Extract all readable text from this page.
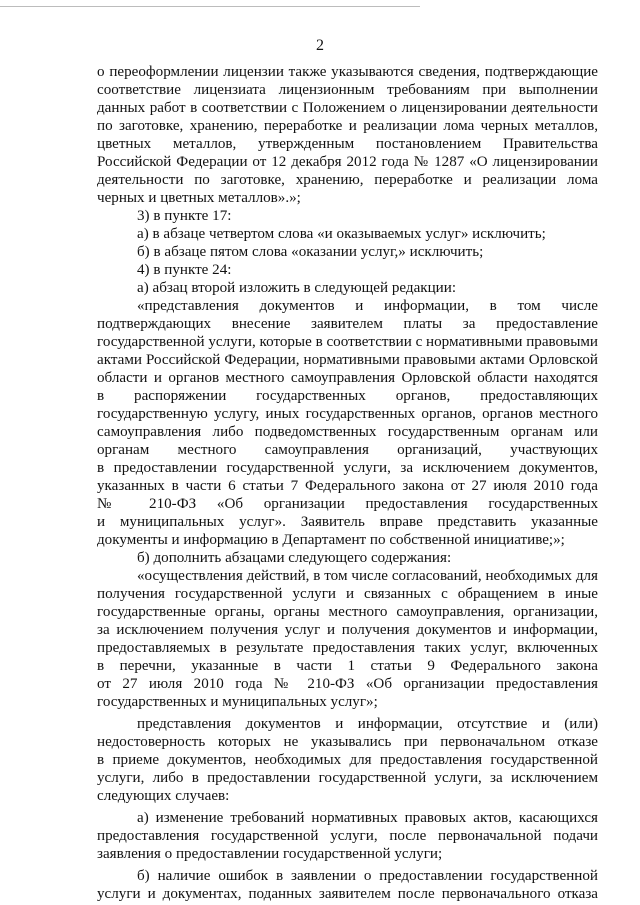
2
о переоформлении лицензии также указываются сведения, подтверждающие
соответствие лицензиата лицензионным требованиям при выполнении
данных работ в соответствии с Положением о лицензировании деятельности
по заготовке, хранению, переработке и реализации лома черных металлов,
цветных металлов, утвержденным постановлением Правительства
Российской Федерации от 12 декабря 2012 года № 1287 «О лицензировании
деятельности по заготовке, хранению, переработке и реализации лома
черных и цветных металлов».»;
3) в пункте 17:
а) в абзаце четвертом слова «и оказываемых услуг» исключить;
б) в абзаце пятом слова «оказании услуг,» исключить;
4) в пункте 24:
а) абзац второй изложить в следующей редакции:
«представления документов и информации, в том числе
подтверждающих внесение заявителем платы за предоставление
государственной услуги, которые в соответствии с нормативными правовыми
актами Российской Федерации, нормативными правовыми актами Орловской
области и органов местного самоуправления Орловской области находятся
в распоряжении государственных органов, предоставляющих
государственную услугу, иных государственных органов, органов местного
самоуправления либо подведомственных государственным органам или
органам местного самоуправления организаций, участвующих
в предоставлении государственной услуги, за исключением документов,
указанных в части 6 статьи 7 Федерального закона от 27 июля 2010 года
№ 210-ФЗ «Об организации предоставления государственных
и муниципальных услуг». Заявитель вправе представить указанные
документы и информацию в Департамент по собственной инициативе;»;
б) дополнить абзацами следующего содержания:
«осуществления действий, в том числе согласований, необходимых для
получения государственной услуги и связанных с обращением в иные
государственные органы, органы местного самоуправления, организации,
за исключением получения услуг и получения документов и информации,
предоставляемых в результате предоставления таких услуг, включенных
в перечни, указанные в части 1 статьи 9 Федерального закона
от 27 июля 2010 года № 210-ФЗ «Об организации предоставления
государственных и муниципальных услуг»;
представления документов и информации, отсутствие и (или)
недостоверность которых не указывались при первоначальном отказе
в приеме документов, необходимых для предоставления государственной
услуги, либо в предоставлении государственной услуги, за исключением
следующих случаев:
а) изменение требований нормативных правовых актов, касающихся
предоставления государственной услуги, после первоначальной подачи
заявления о предоставлении государственной услуги;
б) наличие ошибок в заявлении о предоставлении государственной
услуги и документах, поданных заявителем после первоначального отказа
